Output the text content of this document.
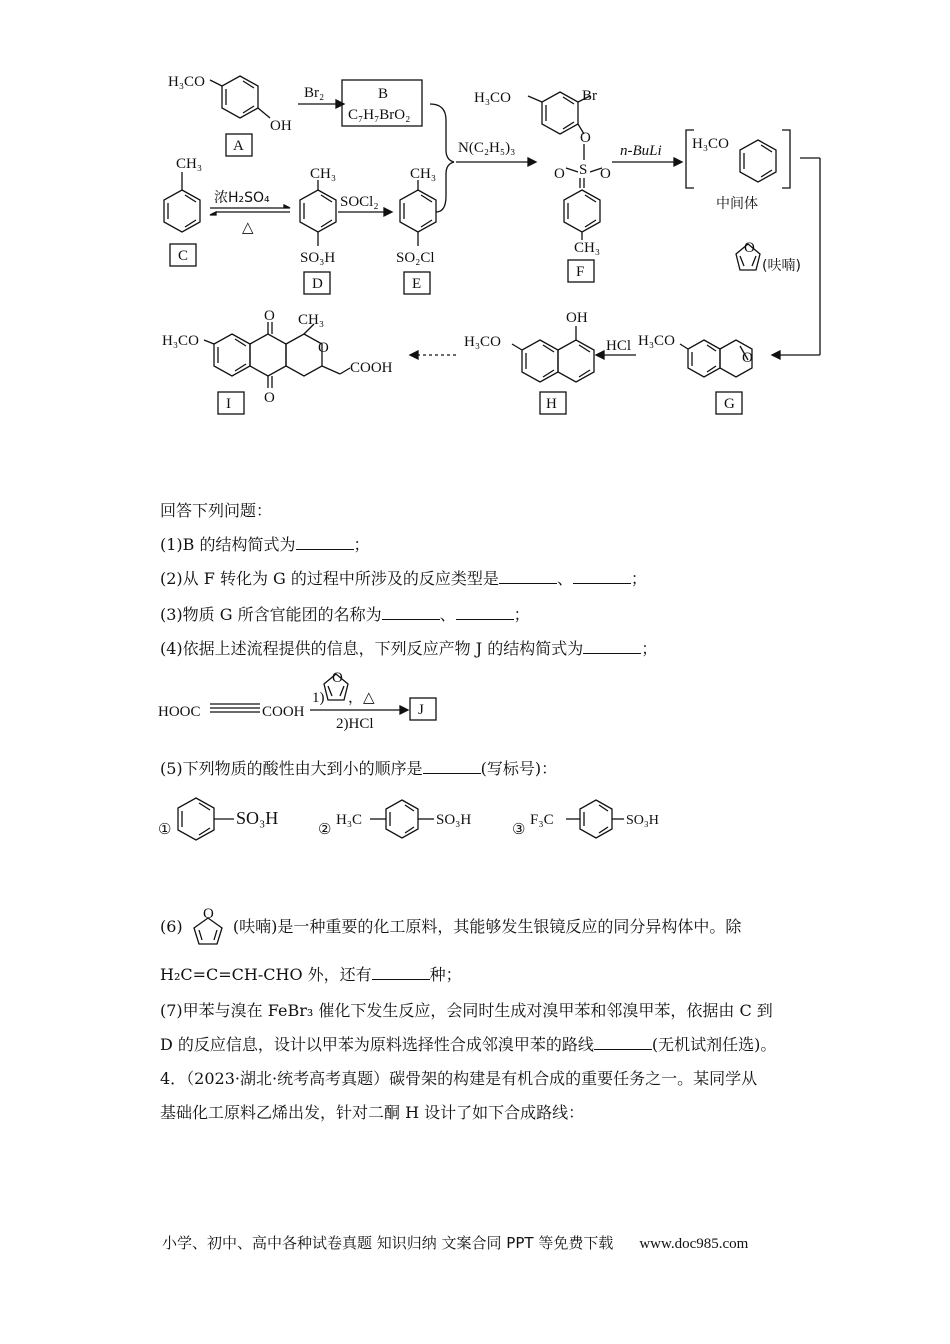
H₃CO
OH
A
Br₂	B
C₇H₇BrO₂
CH₃
C
浓H₂SO₄
△
CH₃
SO₃H
D
SOCl₂
CH₃
SO₂Cl
E
N(C₂H₅)₃
H₃CO	Br
O
S
O O
CH₃
F
n-BuLi H₃CO
中间体
O
(呋喃)
H₃CO
O
G
HCl
H₃CO
OH
H
H₃CO
O CH₃
O
COOH
O
I
回答下列问题：
(1)B 的结构简式为	；
(2)从 F 转化为 G 的过程中所涉及的反应类型是	、	；
(3)物质 G 所含官能团的名称为	、	；
(4)依据上述流程提供的信息，下列反应产物 J 的结构简式为	；
HOOC	COOH
O
1) ，△
2)HCl
J
(5)下列物质的酸性由大到小的顺序是	(写标号)：
①
SO₃H
②
H₃C	SO₃H
③
F₃C	SO₃H
(6)
O
(呋喃)是一种重要的化工原料，其能够发生银镜反应的同分异构体中。除
H₂C=C=CH-CHO 外，还有	种；
(7)甲苯与溴在 FeBr₃ 催化下发生反应，会同时生成对溴甲苯和邻溴甲苯，依据由 C 到
D 的反应信息，设计以甲苯为原料选择性合成邻溴甲苯的路线	(无机试剂任选)。
4．（2023·湖北·统考高考真题）碳骨架的构建是有机合成的重要任务之一。某同学从
基础化工原料乙烯出发，针对二酮 H 设计了如下合成路线：
小学、初中、高中各种试卷真题 知识归纳 文案合同 PPT 等免费下载 www.doc985.com
